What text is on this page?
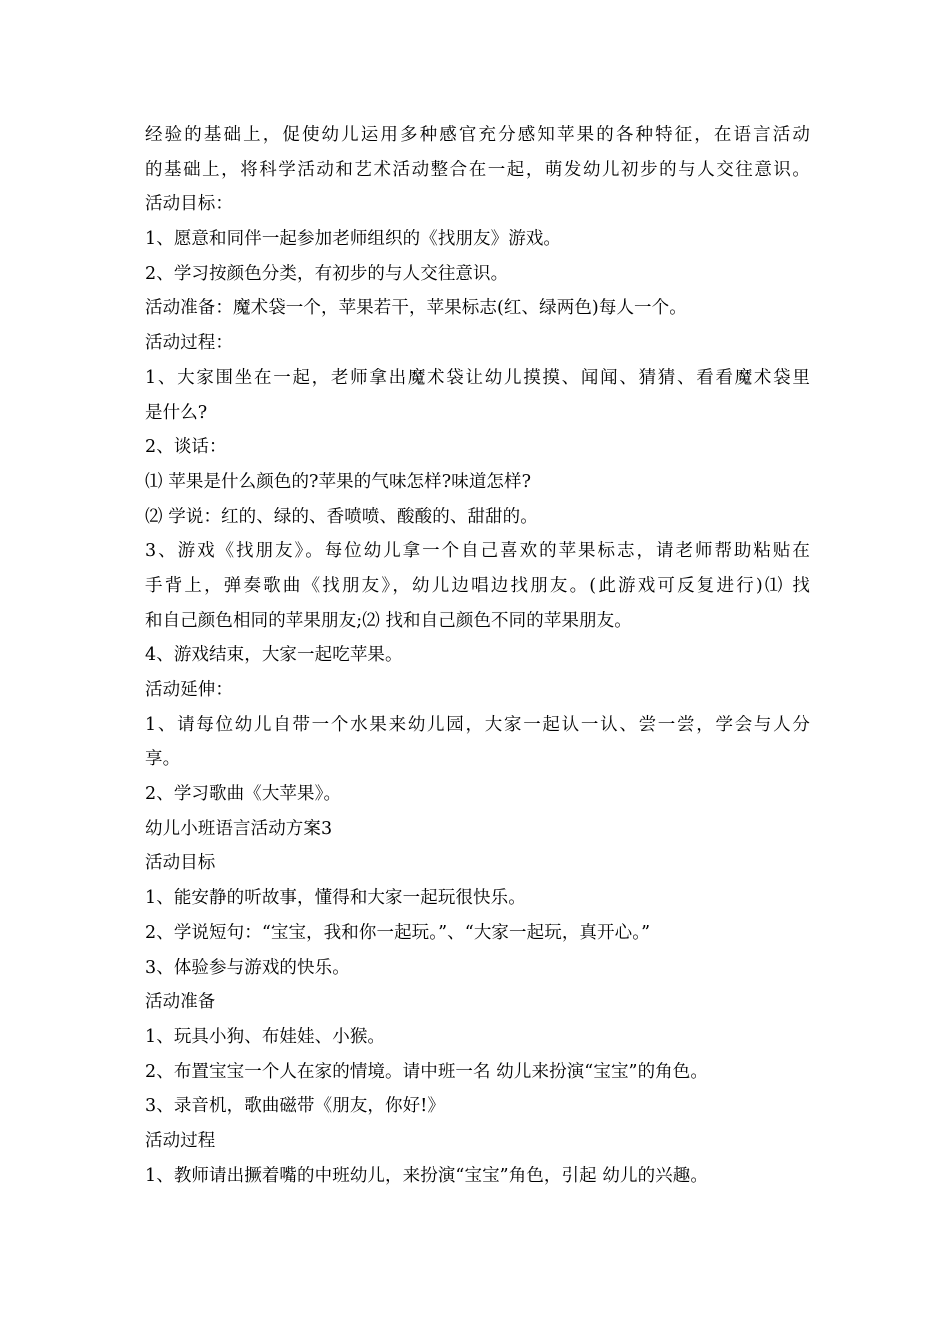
经验的基础上，促使幼儿运用多种感官充分感知苹果的各种特征，在语言活动
的基础上，将科学活动和艺术活动整合在一起，萌发幼儿初步的与人交往意识。
活动目标：
1、愿意和同伴一起参加老师组织的《找朋友》游戏。
2、学习按颜色分类，有初步的与人交往意识。
活动准备：魔术袋一个，苹果若干，苹果标志(红、绿两色)每人一个。
活动过程：
1、大家围坐在一起，老师拿出魔术袋让幼儿摸摸、闻闻、猜猜、看看魔术袋里
是什么?
2、谈话：
⑴ 苹果是什么颜色的?苹果的气味怎样?味道怎样?
⑵ 学说：红的、绿的、香喷喷、酸酸的、甜甜的。
3、游戏《找朋友》。每位幼儿拿一个自己喜欢的苹果标志，请老师帮助粘贴在
手背上，弹奏歌曲《找朋友》，幼儿边唱边找朋友。(此游戏可反复进行)⑴ 找
和自己颜色相同的苹果朋友;⑵ 找和自己颜色不同的苹果朋友。
4、游戏结束，大家一起吃苹果。
活动延伸：
1、请每位幼儿自带一个水果来幼儿园，大家一起认一认、尝一尝，学会与人分
享。
2、学习歌曲《大苹果》。
幼儿小班语言活动方案3
活动目标
1、能安静的听故事，懂得和大家一起玩很快乐。
2、学说短句：“宝宝，我和你一起玩。”、“大家一起玩，真开心。”
3、体验参与游戏的快乐。
活动准备
1、玩具小狗、布娃娃、小猴。
2、布置宝宝一个人在家的情境。请中班一名 幼儿来扮演“宝宝”的角色。
3、录音机，歌曲磁带《朋友，你好!》
活动过程
1、教师请出撅着嘴的中班幼儿，来扮演“宝宝”角色，引起 幼儿的兴趣。
